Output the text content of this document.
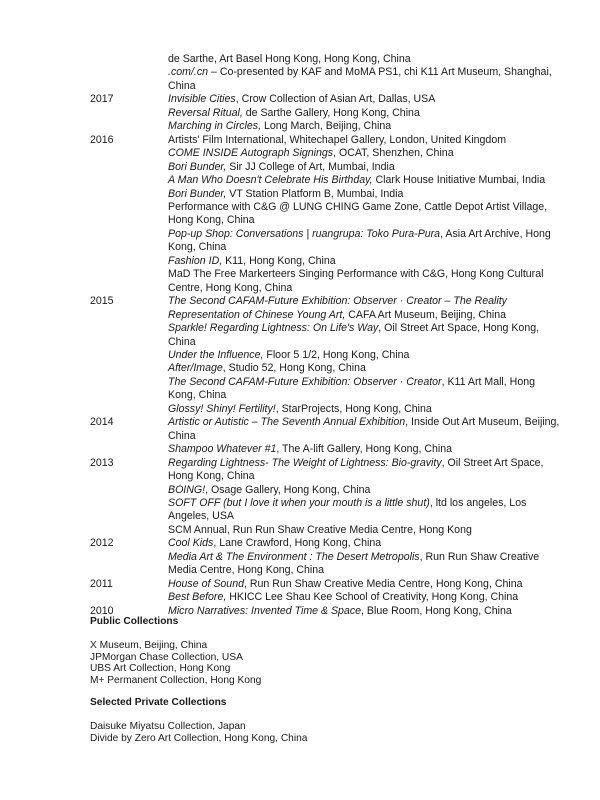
de Sarthe, Art Basel Hong Kong, Hong Kong, China
.com/.cn – Co-presented by KAF and MoMA PS1, chi K11 Art Museum, Shanghai, China
2017	Invisible Cities, Crow Collection of Asian Art, Dallas, USA
Reversal Ritual, de Sarthe Gallery, Hong Kong, China
Marching in Circles, Long March, Beijing, China
2016	Artists' Film International, Whitechapel Gallery, London, United Kingdom
COME INSIDE Autograph Signings, OCAT, Shenzhen, China
Bori Bunder, Sir JJ College of Art, Mumbai, India
A Man Who Doesn't Celebrate His Birthday, Clark House Initiative Mumbai, India
Bori Bunder, VT Station Platform B, Mumbai, India
Performance with C&G @ LUNG CHING Game Zone, Cattle Depot Artist Village, Hong Kong, China
Pop-up Shop: Conversations | ruangrupa: Toko Pura-Pura, Asia Art Archive, Hong Kong, China
Fashion ID, K11, Hong Kong, China
MaD The Free Markerteers Singing Performance with C&G, Hong Kong Cultural Centre, Hong Kong, China
2015	The Second CAFAM-Future Exhibition: Observer · Creator – The Reality Representation of Chinese Young Art, CAFA Art Museum, Beijing, China
Sparkle! Regarding Lightness: On Life's Way, Oil Street Art Space, Hong Kong, China
Under the Influence, Floor 5 1/2, Hong Kong, China
After/Image, Studio 52, Hong Kong, China
The Second CAFAM-Future Exhibition: Observer · Creator, K11 Art Mall, Hong Kong, China
Glossy! Shiny! Fertility!, StarProjects, Hong Kong, China
2014	Artistic or Autistic – The Seventh Annual Exhibition, Inside Out Art Museum, Beijing, China
Shampoo Whatever #1, The A-lift Gallery, Hong Kong, China
2013	Regarding Lightness- The Weight of Lightness: Bio-gravity, Oil Street Art Space, Hong Kong, China
BOING!, Osage Gallery, Hong Kong, China
SOFT OFF (but I love it when your mouth is a little shut), ltd los angeles, Los Angeles, USA
SCM Annual, Run Run Shaw Creative Media Centre, Hong Kong
2012	Cool Kids, Lane Crawford, Hong Kong, China
Media Art & The Environment : The Desert Metropolis, Run Run Shaw Creative Media Centre, Hong Kong, China
2011	House of Sound, Run Run Shaw Creative Media Centre, Hong Kong, China
Best Before, HKICC Lee Shau Kee School of Creativity, Hong Kong, China
2010	Micro Narratives: Invented Time & Space, Blue Room, Hong Kong, China
Public Collections
X Museum, Beijing, China
JPMorgan Chase Collection, USA
UBS Art Collection, Hong Kong
M+ Permanent Collection, Hong Kong
Selected Private Collections
Daisuke Miyatsu Collection, Japan
Divide by Zero Art Collection, Hong Kong, China
